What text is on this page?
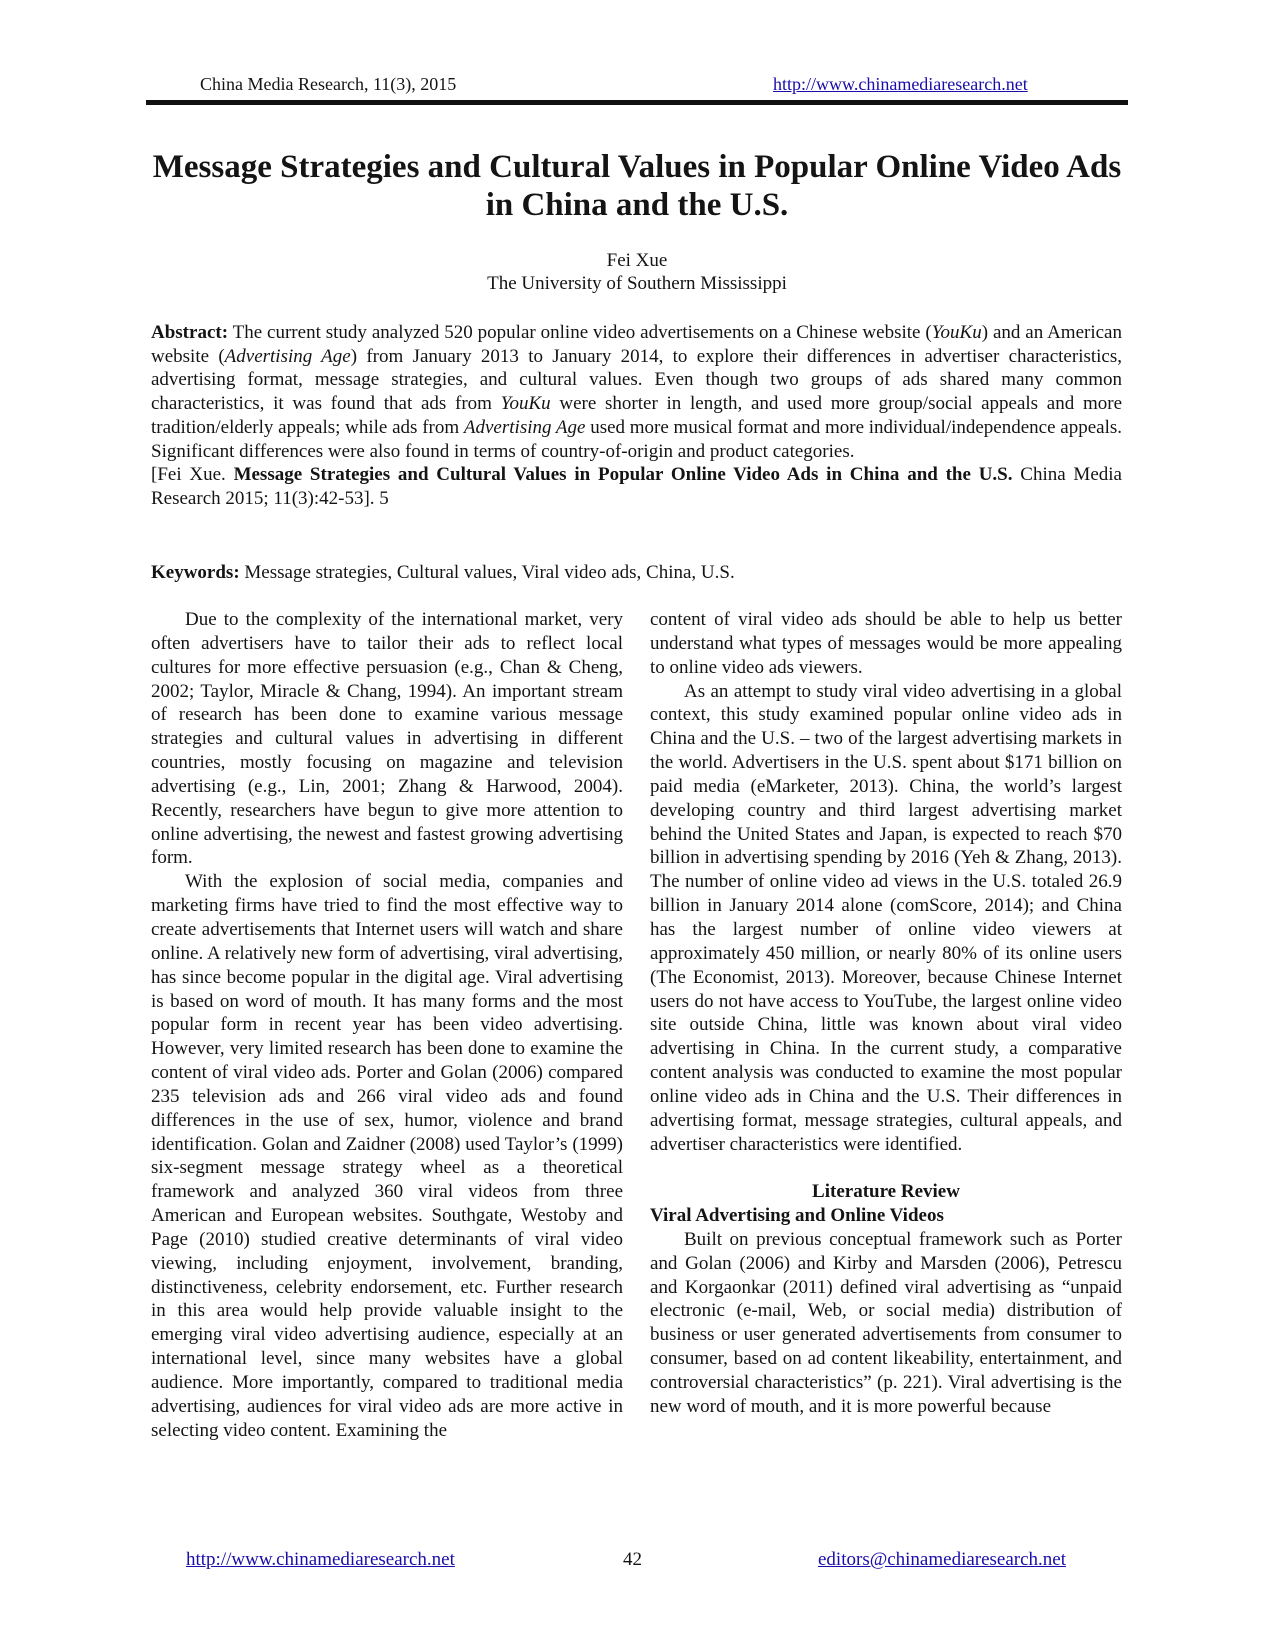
China Media Research, 11(3), 2015	http://www.chinamediaresearch.net
Message Strategies and Cultural Values in Popular Online Video Ads in China and the U.S.
Fei Xue
The University of Southern Mississippi

Abstract: The current study analyzed 520 popular online video advertisements on a Chinese website (YouKu) and an American website (Advertising Age) from January 2013 to January 2014, to explore their differences in advertiser characteristics, advertising format, message strategies, and cultural values. Even though two groups of ads shared many common characteristics, it was found that ads from YouKu were shorter in length, and used more group/social appeals and more tradition/elderly appeals; while ads from Advertising Age used more musical format and more individual/independence appeals. Significant differences were also found in terms of country-of-origin and product categories.

[Fei Xue. Message Strategies and Cultural Values in Popular Online Video Ads in China and the U.S. China Media Research 2015; 11(3):42-53]. 5

Keywords: Message strategies, Cultural values, Viral video ads, China, U.S.

Due to the complexity of the international market, very often advertisers have to tailor their ads to reflect local cultures for more effective persuasion (e.g., Chan & Cheng, 2002; Taylor, Miracle & Chang, 1994). An important stream of research has been done to examine various message strategies and cultural values in advertising in different countries, mostly focusing on magazine and television advertising (e.g., Lin, 2001; Zhang & Harwood, 2004). Recently, researchers have begun to give more attention to online advertising, the newest and fastest growing advertising form.

With the explosion of social media, companies and marketing firms have tried to find the most effective way to create advertisements that Internet users will watch and share online. A relatively new form of advertising, viral advertising, has since become popular in the digital age. Viral advertising is based on word of mouth. It has many forms and the most popular form in recent year has been video advertising. However, very limited research has been done to examine the content of viral video ads. Porter and Golan (2006) compared 235 television ads and 266 viral video ads and found differences in the use of sex, humor, violence and brand identification. Golan and Zaidner (2008) used Taylor’s (1999) six-segment message strategy wheel as a theoretical framework and analyzed 360 viral videos from three American and European websites. Southgate, Westoby and Page (2010) studied creative determinants of viral video viewing, including enjoyment, involvement, branding, distinctiveness, celebrity endorsement, etc. Further research in this area would help provide valuable insight to the emerging viral video advertising audience, especially at an international level, since many websites have a global audience. More importantly, compared to traditional media advertising, audiences for viral video ads are more active in selecting video content. Examining the

content of viral video ads should be able to help us better understand what types of messages would be more appealing to online video ads viewers.

As an attempt to study viral video advertising in a global context, this study examined popular online video ads in China and the U.S. – two of the largest advertising markets in the world. Advertisers in the U.S. spent about $171 billion on paid media (eMarketer, 2013). China, the world’s largest developing country and third largest advertising market behind the United States and Japan, is expected to reach $70 billion in advertising spending by 2016 (Yeh & Zhang, 2013). The number of online video ad views in the U.S. totaled 26.9 billion in January 2014 alone (comScore, 2014); and China has the largest number of online video viewers at approximately 450 million, or nearly 80% of its online users (The Economist, 2013). Moreover, because Chinese Internet users do not have access to YouTube, the largest online video site outside China, little was known about viral video advertising in China. In the current study, a comparative content analysis was conducted to examine the most popular online video ads in China and the U.S. Their differences in advertising format, message strategies, cultural appeals, and advertiser characteristics were identified.

Literature Review

Viral Advertising and Online Videos

Built on previous conceptual framework such as Porter and Golan (2006) and Kirby and Marsden (2006), Petrescu and Korgaonkar (2011) defined viral advertising as “unpaid electronic (e-mail, Web, or social media) distribution of business or user generated advertisements from consumer to consumer, based on ad content likeability, entertainment, and controversial characteristics” (p. 221). Viral advertising is the new word of mouth, and it is more powerful because

http://www.chinamediaresearch.net	42	editors@chinamediaresearch.net
